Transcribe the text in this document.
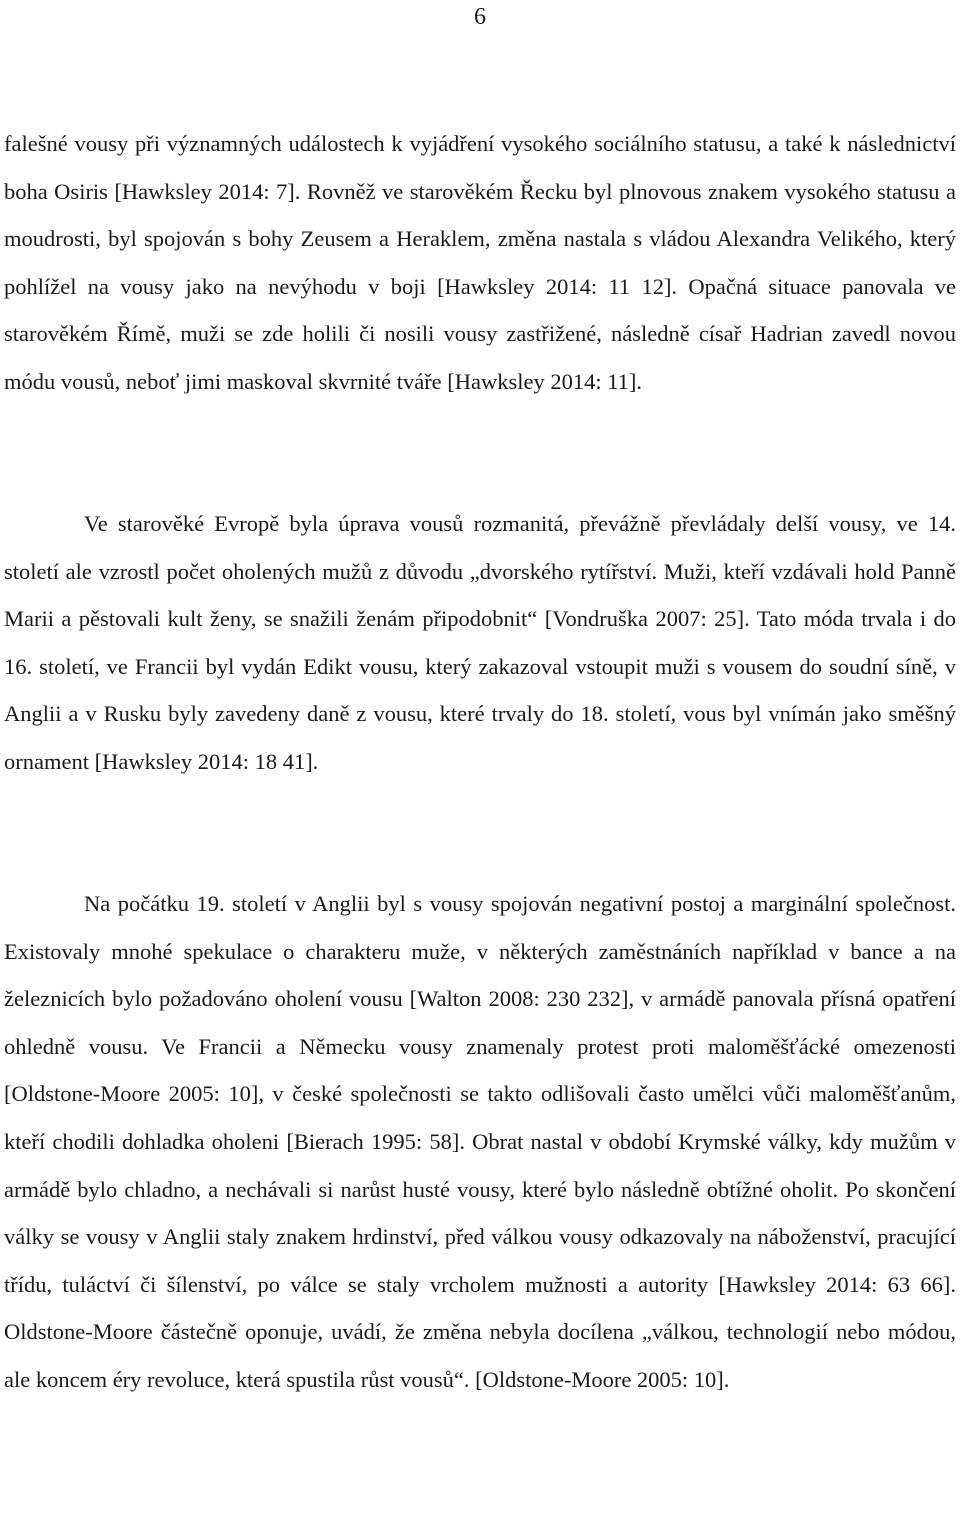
6

falešné vousy při významných událostech k vyjádření vysokého sociálního statusu, a také k následnictví boha Osiris [Hawksley 2014: 7]. Rovněž ve starověkém Řecku byl plnovous znakem vysokého statusu a moudrosti, byl spojován s bohy Zeusem a Heraklem, změna nastala s vládou Alexandra Velikého, který pohlížel na vousy jako na nevýhodu v boji [Hawksley 2014: 11 12]. Opačná situace panovala ve starověkém Římě, muži se zde holili či nosili vousy zastřižené, následně císař Hadrian zavedl novou módu vousů, neboť jimi maskoval skvrnité tváře [Hawksley 2014: 11].

Ve starověké Evropě byla úprava vousů rozmanitá, převážně převládaly delší vousy, ve 14. století ale vzrostl počet oholených mužů z důvodu „dvorského rytířství. Muži, kteří vzdávali hold Panně Marii a pěstovali kult ženy, se snažili ženám připodobnit“ [Vondruška 2007: 25]. Tato móda trvala i do 16. století, ve Francii byl vydán Edikt vousu, který zakazoval vstoupit muži s vousem do soudní síně, v Anglii a v Rusku byly zavedeny daně z vousu, které trvaly do 18. století, vous byl vnímán jako směšný ornament [Hawksley 2014: 18 41].

Na počátku 19. století v Anglii byl s vousy spojován negativní postoj a marginální společnost. Existovaly mnohé spekulace o charakteru muže, v některých zaměstnáních například v bance a na železnicích bylo požadováno oholení vousu [Walton 2008: 230 232], v armádě panovala přísná opatření ohledně vousu. Ve Francii a Německu vousy znamenaly protest proti maloměšťácké omezenosti [Oldstone-Moore 2005: 10], v české společnosti se takto odlišovali často umělci vůči maloměšťanům, kteří chodili dohladka oholeni [Bierach 1995: 58]. Obrat nastal v období Krymské války, kdy mužům v armádě bylo chladno, a nechávali si narůst husté vousy, které bylo následně obtížné oholit. Po skončení války se vousy v Anglii staly znakem hrdinství, před válkou vousy odkazovaly na náboženství, pracující třídu, tuláctví či šílenství, po válce se staly vrcholem mužnosti a autority [Hawksley 2014: 63 66]. Oldstone-Moore částečně oponuje, uvádí, že změna nebyla docílena „válkou, technologií nebo módou, ale koncem éry revoluce, která spustila růst vousů“. [Oldstone-Moore 2005: 10].
